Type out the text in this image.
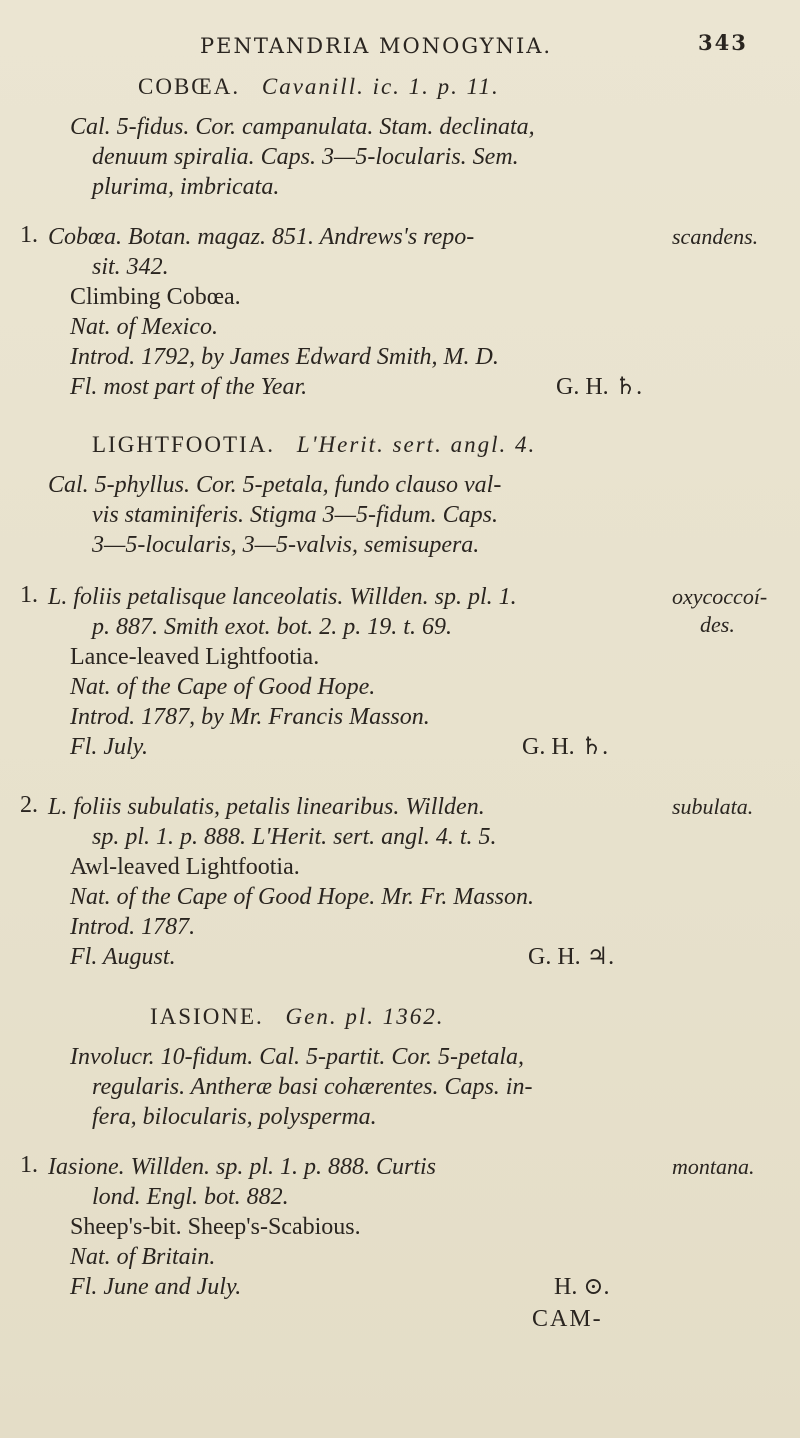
PENTANDRIA MONOGYNIA.	343
COBŒA. Cavanill. ic. 1. p. 11.
Cal. 5-fidus. Cor. campanulata. Stam. declinata,
denuum spiralia. Caps. 3—5-locularis. Sem.
plurima, imbricata.
1. Cobœa. Botan. magaz. 851. Andrews's repo-	scandens.
sit. 342.
Climbing Cobœa.
Nat. of Mexico.
Introd. 1792, by James Edward Smith, M. D.
Fl. most part of the Year.	G. H. ♄.
LIGHTFOOTIA. L'Herit. sert. angl. 4.
Cal. 5-phyllus. Cor. 5-petala, fundo clauso val-
vis staminiferis. Stigma 3—5-fidum. Caps.
3—5-locularis, 3—5-valvis, semisupera.
1. L. foliis petalisque lanceolatis. Willden. sp. pl. 1.	oxycoccoí-
p. 887. Smith exot. bot. 2. p. 19. t. 69.	des.
Lance-leaved Lightfootia.
Nat. of the Cape of Good Hope.
Introd. 1787, by Mr. Francis Masson.
Fl. July.	G. H. ♄.
2. L. foliis subulatis, petalis linearibus. Willden.	subulata.
sp. pl. 1. p. 888. L'Herit. sert. angl. 4. t. 5.
Awl-leaved Lightfootia.
Nat. of the Cape of Good Hope. Mr. Fr. Masson.
Introd. 1787.
Fl. August.	G. H. ♃.
IASIONE. Gen. pl. 1362.
Involucr. 10-fidum. Cal. 5-partit. Cor. 5-petala,
regularis. Antheræ basi cohærentes. Caps. in-
fera, bilocularis, polysperma.
1. Iasione. Willden. sp. pl. 1. p. 888. Curtis	montana.
lond. Engl. bot. 882.
Sheep's-bit. Sheep's-Scabious.
Nat. of Britain.
Fl. June and July.	H. ⊙.
CAM-
